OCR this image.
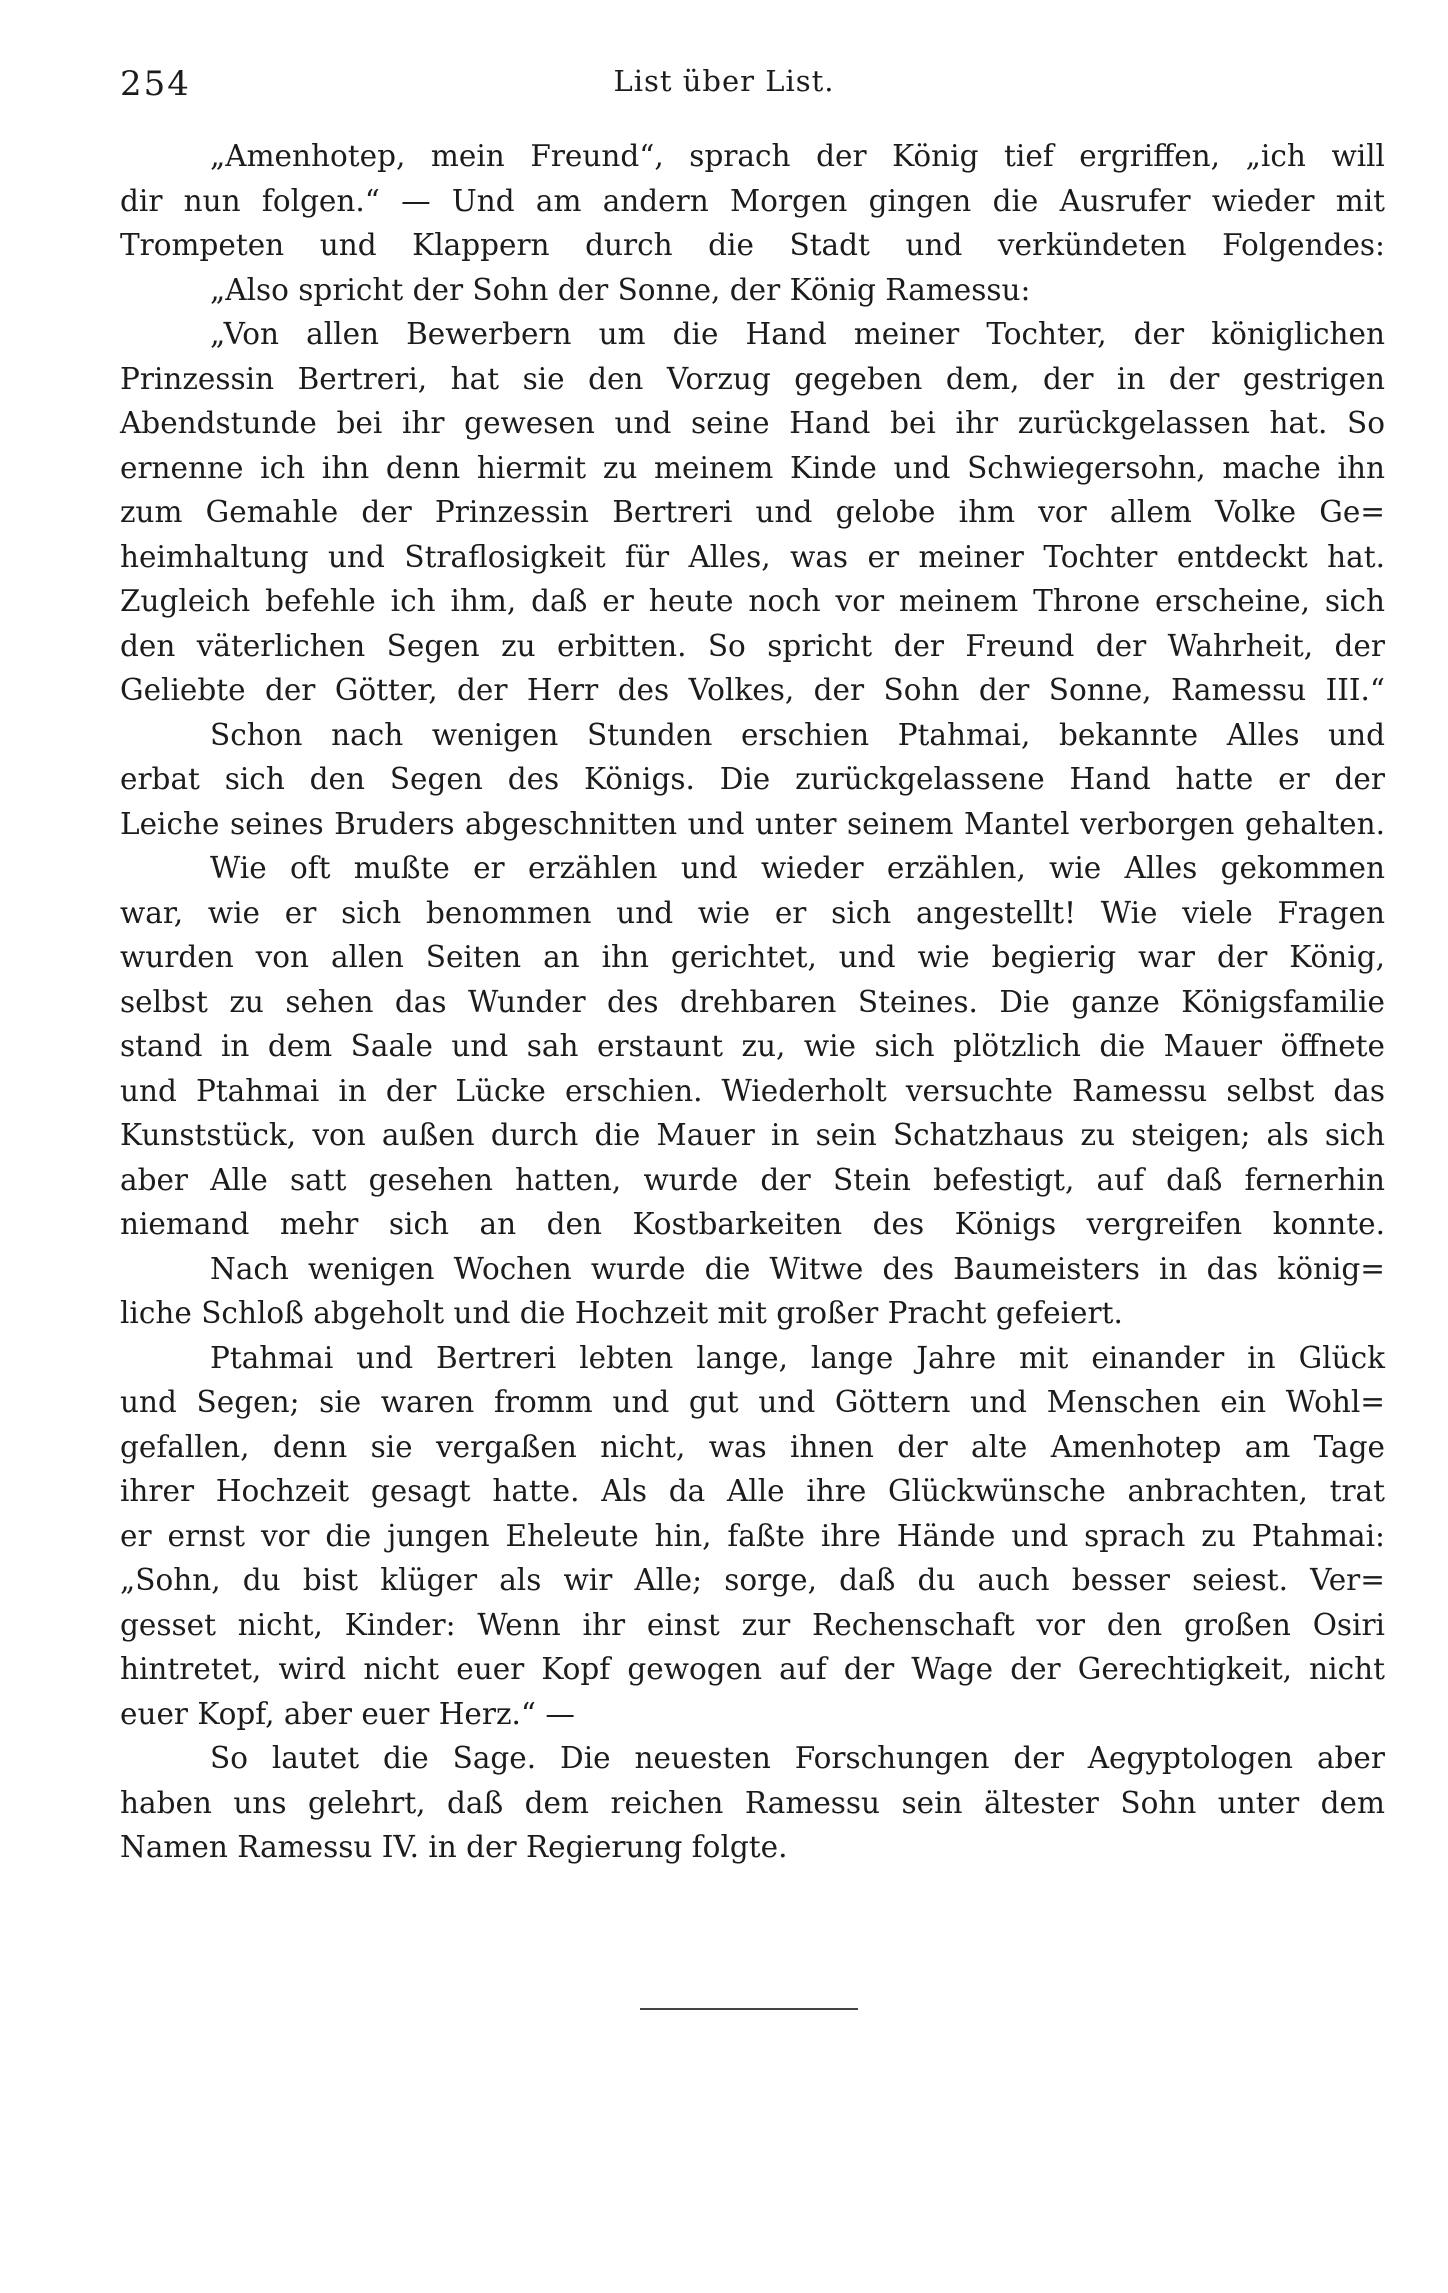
254	List über List.
„Amenhotep, mein Freund“, sprach der König tief ergriffen, „ich will
dir nun folgen.“ — Und am andern Morgen gingen die Ausrufer wieder mit
Trompeten und Klappern durch die Stadt und verkündeten Folgendes:
„Also spricht der Sohn der Sonne, der König Ramessu:
„Von allen Bewerbern um die Hand meiner Tochter, der königlichen
Prinzessin Bertreri, hat sie den Vorzug gegeben dem, der in der gestrigen
Abendstunde bei ihr gewesen und seine Hand bei ihr zurückgelassen hat. So
ernenne ich ihn denn hiermit zu meinem Kinde und Schwiegersohn, mache ihn
zum Gemahle der Prinzessin Bertreri und gelobe ihm vor allem Volke Ge=
heimhaltung und Straflosigkeit für Alles, was er meiner Tochter entdeckt hat.
Zugleich befehle ich ihm, daß er heute noch vor meinem Throne erscheine, sich
den väterlichen Segen zu erbitten. So spricht der Freund der Wahrheit, der
Geliebte der Götter, der Herr des Volkes, der Sohn der Sonne, Ramessu III.“
Schon nach wenigen Stunden erschien Ptahmai, bekannte Alles und
erbat sich den Segen des Königs. Die zurückgelassene Hand hatte er der
Leiche seines Bruders abgeschnitten und unter seinem Mantel verborgen gehalten.
Wie oft mußte er erzählen und wieder erzählen, wie Alles gekommen
war, wie er sich benommen und wie er sich angestellt! Wie viele Fragen
wurden von allen Seiten an ihn gerichtet, und wie begierig war der König,
selbst zu sehen das Wunder des drehbaren Steines. Die ganze Königsfamilie
stand in dem Saale und sah erstaunt zu, wie sich plötzlich die Mauer öffnete
und Ptahmai in der Lücke erschien. Wiederholt versuchte Ramessu selbst das
Kunststück, von außen durch die Mauer in sein Schatzhaus zu steigen; als sich
aber Alle satt gesehen hatten, wurde der Stein befestigt, auf daß fernerhin
niemand mehr sich an den Kostbarkeiten des Königs vergreifen konnte.
Nach wenigen Wochen wurde die Witwe des Baumeisters in das könig=
liche Schloß abgeholt und die Hochzeit mit großer Pracht gefeiert.
Ptahmai und Bertreri lebten lange, lange Jahre mit einander in Glück
und Segen; sie waren fromm und gut und Göttern und Menschen ein Wohl=
gefallen, denn sie vergaßen nicht, was ihnen der alte Amenhotep am Tage
ihrer Hochzeit gesagt hatte. Als da Alle ihre Glückwünsche anbrachten, trat
er ernst vor die jungen Eheleute hin, faßte ihre Hände und sprach zu Ptahmai:
„Sohn, du bist klüger als wir Alle; sorge, daß du auch besser seiest. Ver=
gesset nicht, Kinder: Wenn ihr einst zur Rechenschaft vor den großen Osiri
hintretet, wird nicht euer Kopf gewogen auf der Wage der Gerechtigkeit, nicht
euer Kopf, aber euer Herz.“ —
So lautet die Sage. Die neuesten Forschungen der Aegyptologen aber
haben uns gelehrt, daß dem reichen Ramessu sein ältester Sohn unter dem
Namen Ramessu IV. in der Regierung folgte.
